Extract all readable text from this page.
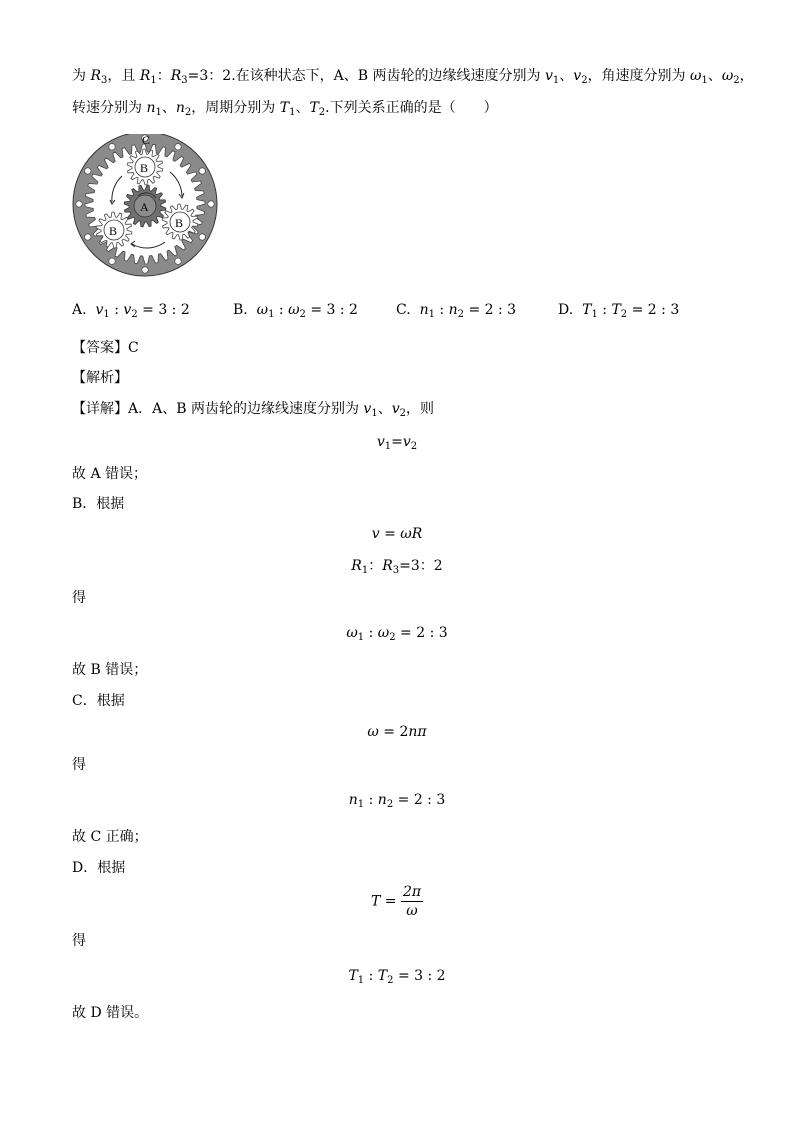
为 $R_3$，且 $R_1$：$R_3=3$：2.在该种状态下，A、B 两齿轮的边缘线速度分别为 $v_1$、$v_2$，角速度分别为 $\omega_1$、$\omega_2$，
转速分别为 $n_1$、$n_2$，周期分别为 $T_1$、$T_2$.下列关系正确的是（　　）
C
A
B
B
B
A. $v_1$ : $v_2 = 3$ : 2	B. $\omega_1$ : $\omega_2 = 3$ : 2	C. $n_1$ : $n_2 = 2$ : 3	D. $T_1$ : $T_2 = 2$ : 3
【答案】C
【解析】
【详解】A．A、B 两齿轮的边缘线速度分别为 $v_1$、$v_2$，则
$v_1=v_2$
故 A 错误；
B．根据
v = ωR
$R_1$：$R_3=3$：2
得
$\omega_1$ : $\omega_2 = 2$ : 3
故 B 错误；
C．根据
ω = 2nπ
得
$n_1$ : $n_2 = 2$ : 3
故 C 正确；
D．根据
$T = \frac{2\pi}{\omega}$
得
$T_1$ : $T_2 = 3$ : 2
故 D 错误。
